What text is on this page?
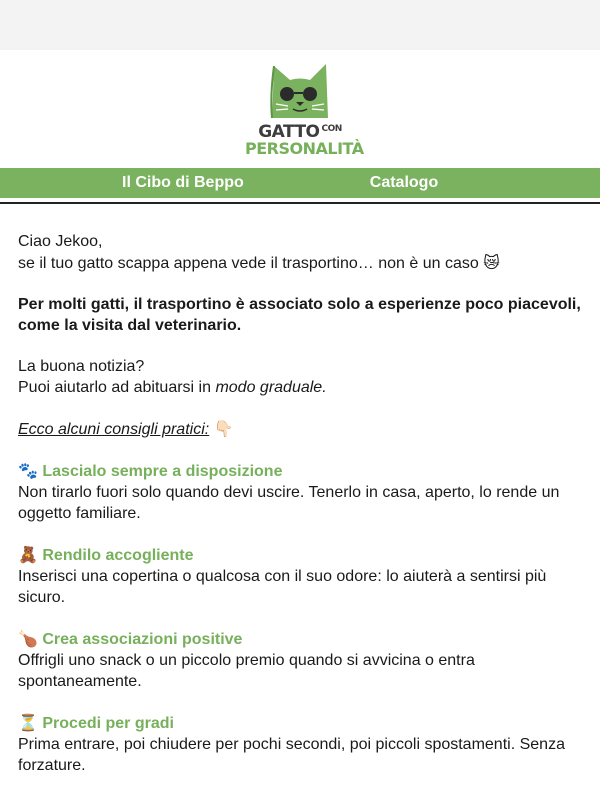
GATTO $^{CON}$
PERSONALITÀ
Il Cibo di Beppo	Catalogo

Ciao Jekoo,
se il tuo gatto scappa appena vede il trasportino… non è un caso 😿

Per molti gatti, il trasportino è associato solo a esperienze poco piacevoli, come la visita dal veterinario.

La buona notizia?
Puoi aiutarlo ad abituarsi in modo graduale.

Ecco alcuni consigli pratici: 👇🏻

🐾 Lascialo sempre a disposizione
Non tirarlo fuori solo quando devi uscire. Tenerlo in casa, aperto, lo rende un oggetto familiare.

🧸 Rendilo accogliente
Inserisci una copertina o qualcosa con il suo odore: lo aiuterà a sentirsi più sicuro.

🍗 Crea associazioni positive
Offrigli uno snack o un piccolo premio quando si avvicina o entra spontaneamente.

⏳ Procedi per gradi
Prima entrare, poi chiudere per pochi secondi, poi piccoli spostamenti. Senza forzature.
